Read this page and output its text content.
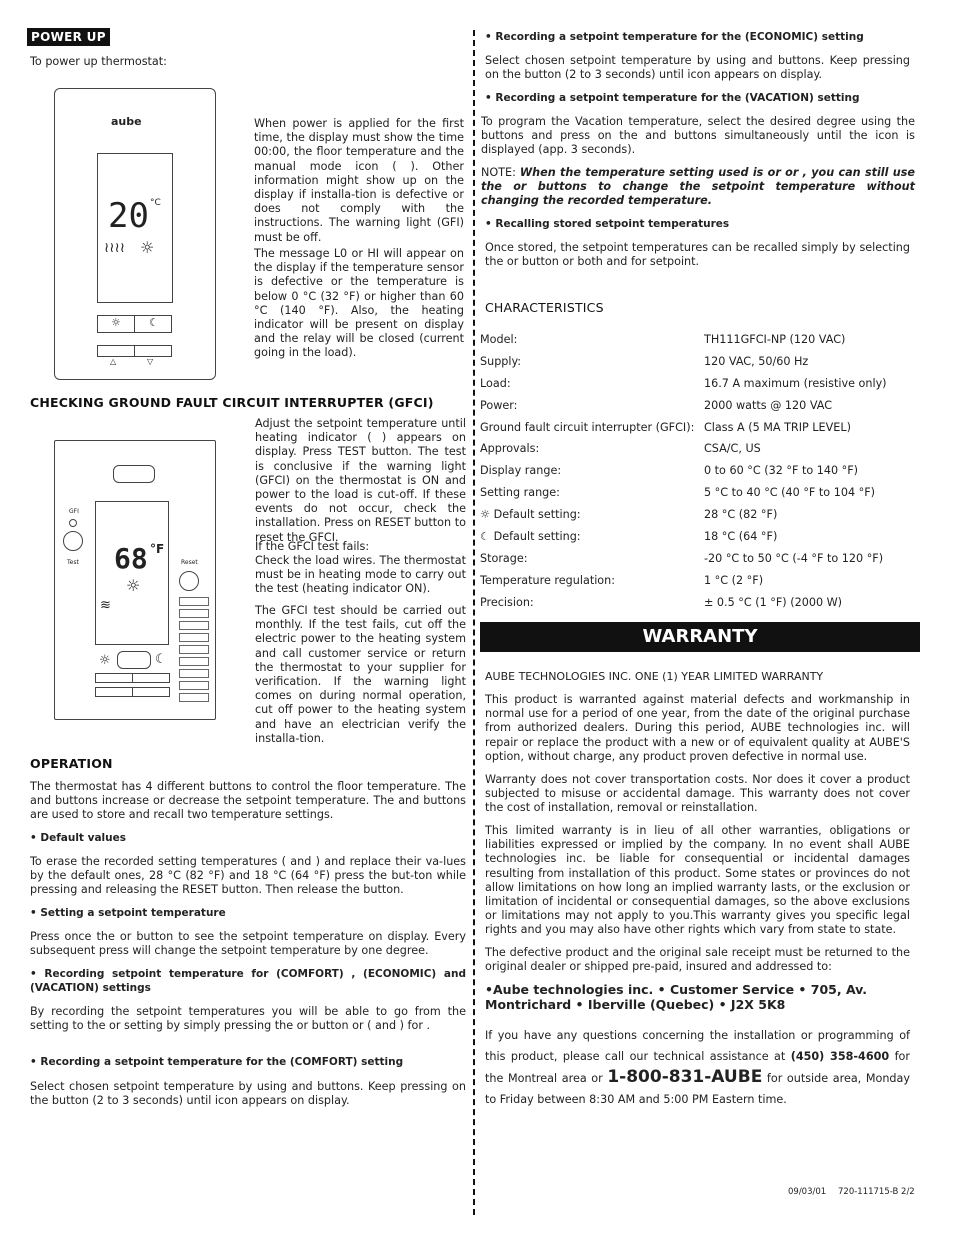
POWER UP
To power up thermostat:
aube
20 °C
≀≀≀≀ ☼
☼	☾
△	▽
When power is applied for the first time, the display must show the time 00:00, the floor temperature and the manual mode icon ( ). Other information might show up on the display if installa-tion is defective or does not comply with the instructions. The warning light (GFI) must be off.
The message L0 or HI will appear on the display if the temperature sensor is defective or the temperature is below 0 °C (32 °F) or higher than 60 °C (140 °F). Also, the heating indicator will be present on display and the relay will be closed (current going in the load).
CHECKING GROUND FAULT CIRCUIT INTERRUPTER (GFCI)
GFI
Test	Reset
68 °F
☼
≋
☼	☾
Adjust the setpoint temperature until heating indicator ( ) appears on display. Press TEST button. The test is conclusive if the warning light (GFCI) on the thermostat is ON and power to the load is cut-off. If these events do not occur, check the installation. Press on RESET button to reset the GFCI.
If the GFCI test fails:
Check the load wires. The thermostat must be in heating mode to carry out the test (heating indicator ON).
The GFCI test should be carried out monthly. If the test fails, cut off the electric power to the heating system and call customer service or return the thermostat to your supplier for verification. If the warning light comes on during normal operation, cut off power to the heating system and have an electrician verify the installa-tion.
OPERATION
The thermostat has 4 different buttons to control the floor temperature. The and buttons increase or decrease the setpoint temperature. The and buttons are used to store and recall two temperature settings.
• Default values
To erase the recorded setting temperatures ( and ) and replace their va-lues by the default ones, 28 °C (82 °F) and 18 °C (64 °F) press the but-ton while pressing and releasing the RESET button. Then release the button.
• Setting a setpoint temperature
Press once the or button to see the setpoint temperature on display. Every subsequent press will change the setpoint temperature by one degree.
• Recording setpoint temperature for (COMFORT) , (ECONOMIC) and (VACATION) settings
By recording the setpoint temperatures you will be able to go from the setting to the or setting by simply pressing the or button or ( and ) for .
• Recording a setpoint temperature for the (COMFORT) setting
Select chosen setpoint temperature by using and buttons. Keep pressing on the button (2 to 3 seconds) until icon appears on display.
• Recording a setpoint temperature for the (ECONOMIC) setting
Select chosen setpoint temperature by using and buttons. Keep pressing on the button (2 to 3 seconds) until icon appears on display.
• Recording a setpoint temperature for the (VACATION) setting
To program the Vacation temperature, select the desired degree using the buttons and press on the and buttons simultaneously until the icon is displayed (app. 3 seconds).
NOTE: When the temperature setting used is or or , you can still use the or buttons to change the setpoint temperature without changing the recorded temperature.
• Recalling stored setpoint temperatures
Once stored, the setpoint temperatures can be recalled simply by selecting the or button or both and for setpoint.
CHARACTERISTICS
Model:	TH111GFCI-NP (120 VAC)
Supply:	120 VAC, 50/60 Hz
Load:	16.7 A maximum (resistive only)
Power:	2000 watts @ 120 VAC
Ground fault circuit interrupter (GFCI):	Class A (5 MA TRIP LEVEL)
Approvals:	CSA/C, US
Display range:	0 to 60 °C (32 °F to 140 °F)
Setting range:	5 °C to 40 °C (40 °F to 104 °F)
☼ Default setting:	28 °C (82 °F)
☾ Default setting:	18 °C (64 °F)
Storage:	-20 °C to 50 °C (-4 °F to 120 °F)
Temperature regulation:	1 °C (2 °F)
Precision:	± 0.5 °C (1 °F) (2000 W)
WARRANTY
AUBE TECHNOLOGIES INC. ONE (1) YEAR LIMITED WARRANTY
This product is warranted against material defects and workmanship in normal use for a period of one year, from the date of the original purchase from authorized dealers. During this period, AUBE technologies inc. will repair or replace the product with a new or of equivalent quality at AUBE'S option, without charge, any product proven defective in normal use.
Warranty does not cover transportation costs. Nor does it cover a product subjected to misuse or accidental damage. This warranty does not cover the cost of installation, removal or reinstallation.
This limited warranty is in lieu of all other warranties, obligations or liabilities expressed or implied by the company. In no event shall AUBE technologies inc. be liable for consequential or incidental damages resulting from installation of this product. Some states or provinces do not allow limitations on how long an implied warranty lasts, or the exclusion or limitation of incidental or consequential damages, so the above exclusions or limitations may not apply to you.This warranty gives you specific legal rights and you may also have other rights which vary from state to state.
The defective product and the original sale receipt must be returned to the original dealer or shipped pre-paid, insured and addressed to:
•Aube technologies inc. • Customer Service • 705, Av. Montrichard • Iberville (Quebec) • J2X 5K8
If you have any questions concerning the installation or programming of this product, please call our technical assistance at (450) 358-4600 for the Montreal area or 1-800-831-AUBE for outside area, Monday to Friday between 8:30 AM and 5:00 PM Eastern time.
09/03/01 720-111715-B 2/2
